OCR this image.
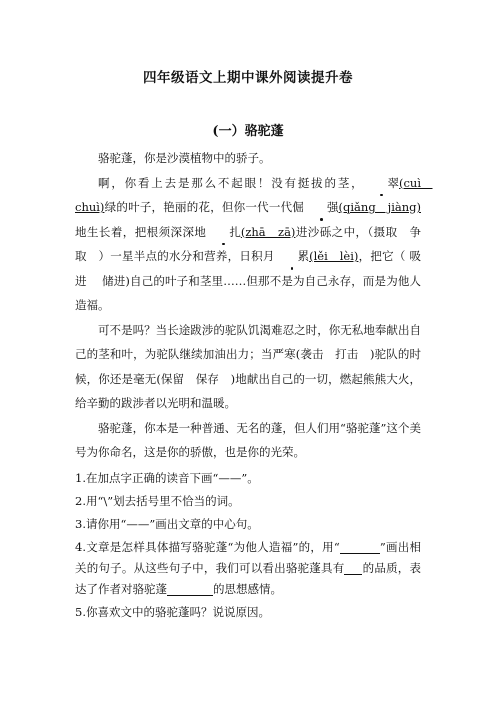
四年级语文上期中课外阅读提升卷
(一）骆驼蓬

骆驼蓬，你是沙漠植物中的骄子。

啊，你看上去是那么不起眼！没有挺拔的茎， 翠(cuì　chuì)绿的叶子，艳丽的花，但你一代一代倔 强(qiǎng　jiàng)地生长着，把根须深深地 扎(zhā　zā)进沙砾之中，（摄取　争取　）一星半点的水分和营养，日积月 累(lěi　lèi)，把它（ 吸进　 储进)自己的叶子和茎里……但那不是为自己永存，而是为他人造福。

可不是吗？当长途跋涉的驼队饥渴难忍之时，你无私地奉献出自己的茎和叶，为驼队继续加油出力；当严寒(袭击　打击　)驼队的时候，你还是毫无(保留　保存　)地献出自己的一切，燃起熊熊大火，给辛勤的跋涉者以光明和温暖。

骆驼蓬，你本是一种普通、无名的蓬，但人们用“骆驼蓬”这个美号为你命名，这是你的骄傲，也是你的光荣。

1.在加点字正确的读音下画“——”。

2.用“\”划去括号里不恰当的词。

3.请你用“——”画出文章的中心句。

4.文章是怎样具体描写骆驼蓬“为他人造福”的，用“	”画出相关的句子。从这些句子中，我们可以看出骆驼蓬具有 的品质，表达了作者对骆驼蓬	的思想感情。

5.你喜欢文中的骆驼蓬吗？说说原因。
